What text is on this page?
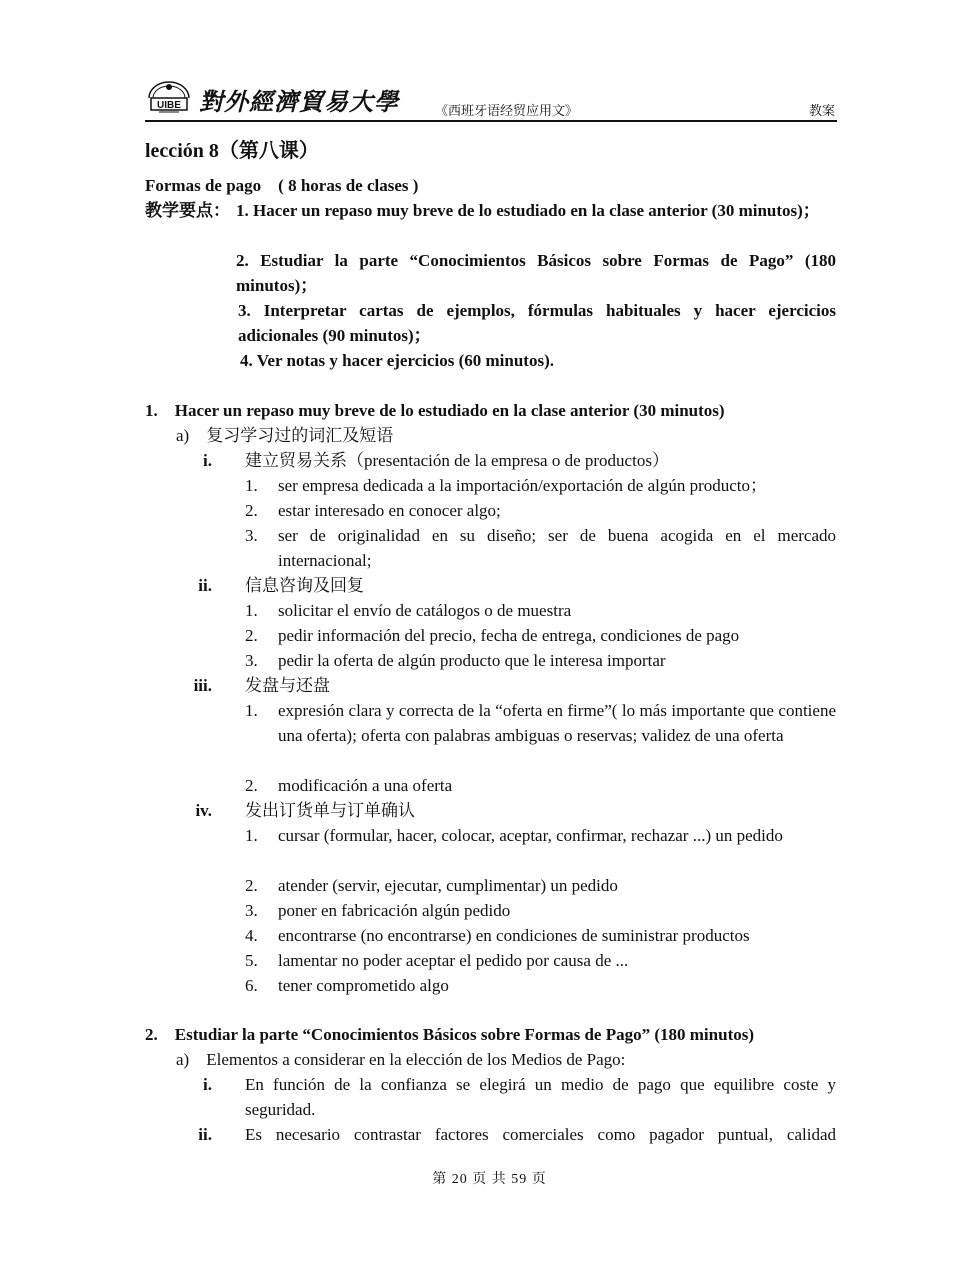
UIBE 對外經濟貿易大學	《西班牙语经贸应用文》	教案
lección 8（第八课）
Formas de pago　( 8 horas de clases )
教学要点： 1. Hacer un repaso muy breve de lo estudiado en la clase anterior (30 minutos)；
2. Estudiar la parte “Conocimientos Básicos sobre Formas de Pago” (180 minutos)；
3. Interpretar cartas de ejemplos, fórmulas habituales y hacer ejercicios adicionales (90 minutos)；
4. Ver notas y hacer ejercicios (60 minutos).
1.　Hacer un repaso muy breve de lo estudiado en la clase anterior (30 minutos)
a)　复习学习过的词汇及短语
i. 建立贸易关系（presentación de la empresa o de productos）
1. ser empresa dedicada a la importación/exportación de algún producto；
2. estar interesado en conocer algo;
3. ser de originalidad en su diseño; ser de buena acogida en el mercado internacional;
ii. 信息咨询及回复
1. solicitar el envío de catálogos o de muestra
2. pedir información del precio, fecha de entrega, condiciones de pago
3. pedir la oferta de algún producto que le interesa importar
iii. 发盘与还盘
1. expresión clara y correcta de la “oferta en firme”( lo más importante que contiene una oferta); oferta con palabras ambiguas o reservas; validez de una oferta
2. modificación a una oferta
iv. 发出订货单与订单确认
1. cursar (formular, hacer, colocar, aceptar, confirmar, rechazar ...) un pedido
2. atender (servir, ejecutar, cumplimentar) un pedido
3. poner en fabricación algún pedido
4. encontrarse (no encontrarse) en condiciones de suministrar productos
5. lamentar no poder aceptar el pedido por causa de ...
6. tener comprometido algo
2.　Estudiar la parte “Conocimientos Básicos sobre Formas de Pago” (180 minutos)
a)　Elementos a considerar en la elección de los Medios de Pago:
i. En función de la confianza se elegirá un medio de pago que equilibre coste y seguridad.
ii. Es necesario contrastar factores comerciales como pagador puntual, calidad
第 20 页 共 59 页
